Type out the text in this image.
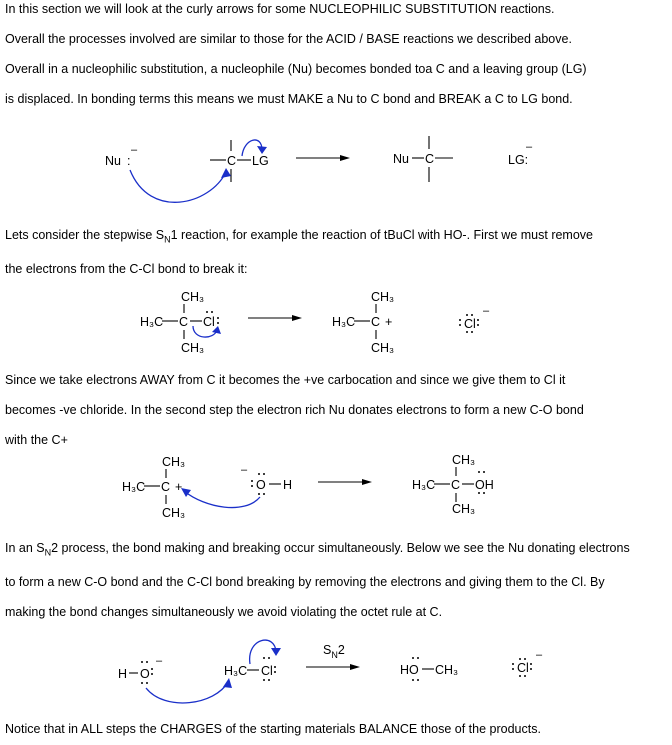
In this section we will look at the curly arrows for some NUCLEOPHILIC SUBSTITUTION reactions.
Overall the processes involved are similar to those for the ACID / BASE reactions we described above.
Overall in a nucleophilic substitution, a nucleophile (Nu) becomes bonded toa C and a leaving group (LG)
is displaced. In bonding terms this means we must MAKE a Nu to C bond and BREAK a C to LG bond.
Nu :
–
C LG	Nu C	LG:
–
Lets consider the stepwise $S_N1$ reaction, for example the reaction of tBuCl with HO-. First we must remove
the electrons from the C-Cl bond to break it:
H₃C C
CH₃
CH₃
Cl	H₃C C
CH₃
CH₃
+	Cl
–
Since we take electrons AWAY from C it becomes the +ve carbocation and since we give them to Cl it
becomes -ve chloride. In the second step the electron rich Nu donates electrons to form a new C-O bond
with the C+
H₃C C
CH₃
CH₃
+
–
O H	H₃C C
CH₃
CH₃
OH
In an $S_N2$ process, the bond making and breaking occur simultaneously. Below we see the Nu donating electrons
to form a new C-O bond and the C-Cl bond breaking by removing the electrons and giving them to the Cl. By
making the bond changes simultaneously we avoid violating the octet rule at C.
H O
–
H₃C Cl
$S_N2$
HO CH₃	Cl
–
Notice that in ALL steps the CHARGES of the starting materials BALANCE those of the products.
